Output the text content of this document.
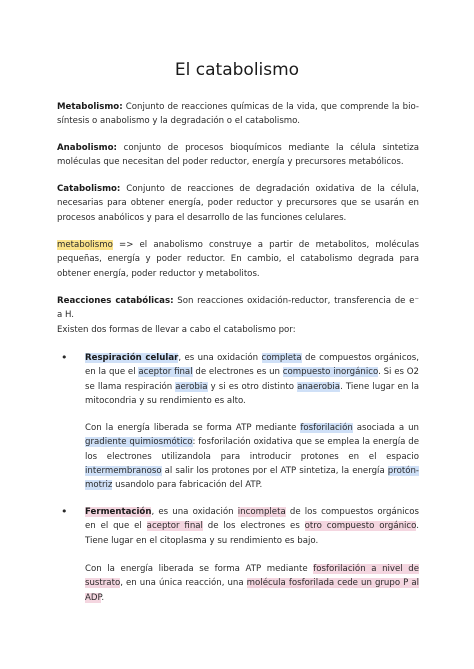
El catabolismo
Metabolismo: Conjunto de reacciones químicas de la vida, que comprende la bio-síntesis o anabolismo y la degradación o el catabolismo.
Anabolismo: conjunto de procesos bioquímicos mediante la célula sintetiza moléculas que necesitan del poder reductor, energía y precursores metabólicos.
Catabolismo: Conjunto de reacciones de degradación oxidativa de la célula, necesarias para obtener energía, poder reductor y precursores que se usarán en procesos anabólicos y para el desarrollo de las funciones celulares.
metabolismo => el anabolismo construye a partir de metabolitos, moléculas pequeñas, energía y poder reductor. En cambio, el catabolismo degrada para obtener energía, poder reductor y metabolitos.
Reacciones catabólicas: Son reacciones oxidación-reductor, transferencia de e⁻ a H.
Existen dos formas de llevar a cabo el catabolismo por:
• Respiración celular, es una oxidación completa de compuestos orgánicos, en la que el aceptor final de electrones es un compuesto inorgánico. Si es O2 se llama respiración aerobia y si es otro distinto anaerobia. Tiene lugar en la mitocondria y su rendimiento es alto.
Con la energía liberada se forma ATP mediante fosforilación asociada a un gradiente quimiosmótico: fosforilación oxidativa que se emplea la energía de los electrones utilizandola para introducir protones en el espacio intermembranoso al salir los protones por el ATP sintetiza, la energía protón-motriz usandolo para fabricación del ATP.
• Fermentación, es una oxidación incompleta de los compuestos orgánicos en el que el aceptor final de los electrones es otro compuesto orgánico. Tiene lugar en el citoplasma y su rendimiento es bajo.
Con la energía liberada se forma ATP mediante fosforilación a nivel de sustrato, en una única reacción, una molécula fosforilada cede un grupo P al ADP.
